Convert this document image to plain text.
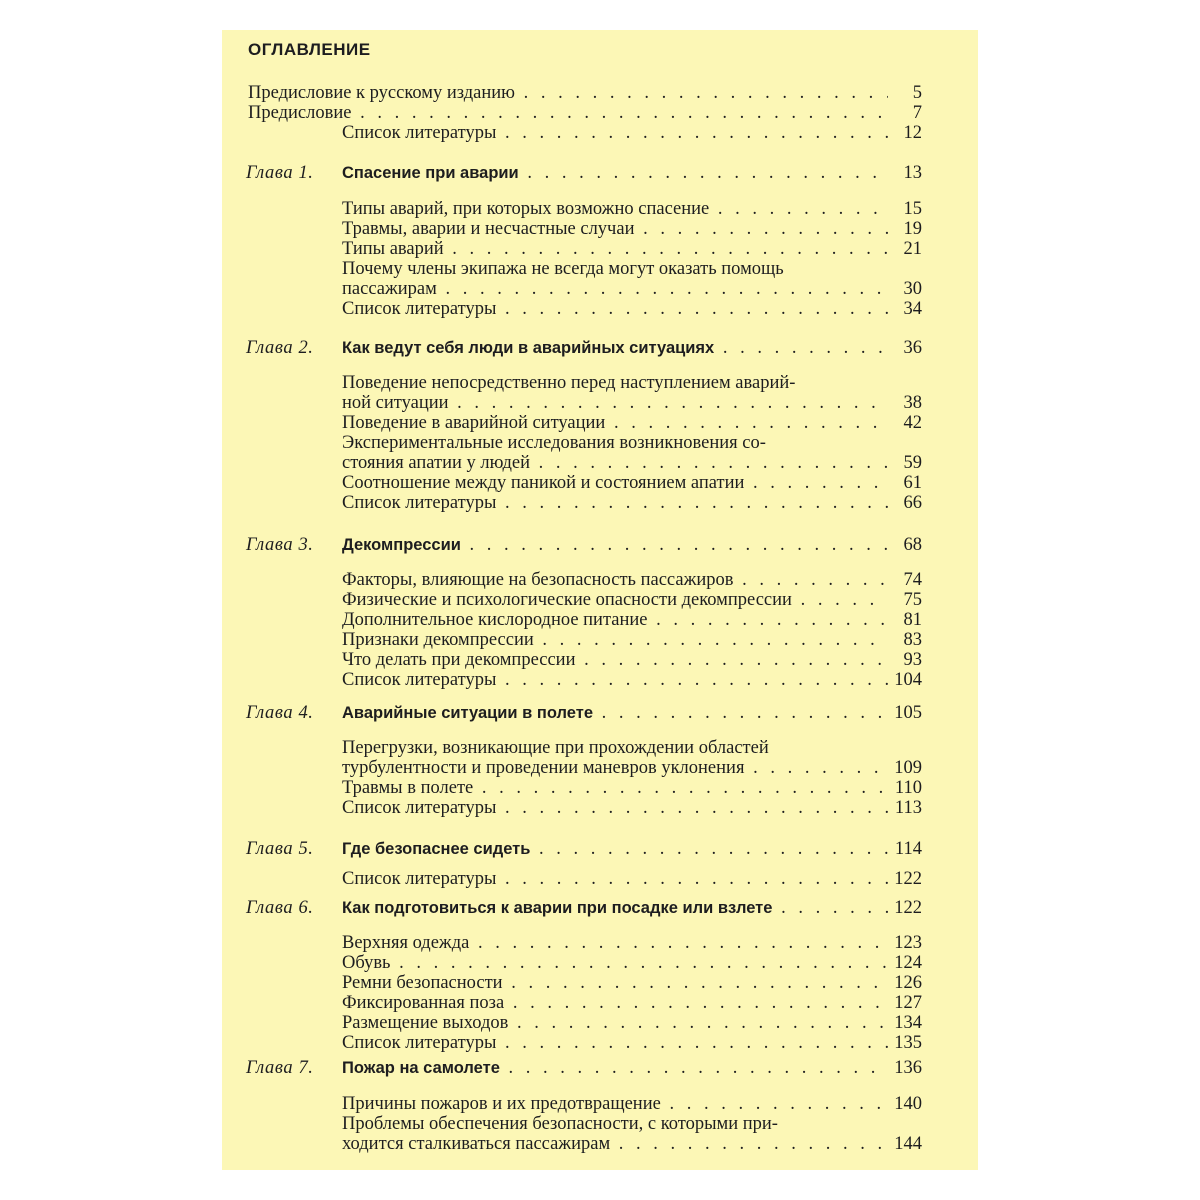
ОГЛАВЛЕНИЕ
Предисловие к русскому изданию . . .	5
Предисловие . . .	7
Список литературы . . .	12
Глава 1.	Спасение при аварии . . .	13
Типы аварий, при которых возможно спасение . . .	15
Травмы, аварии и несчастные случаи . . .	19
Типы аварий . . .	21
Почему члены экипажа не всегда могут оказать помощь
пассажирам . . .	30
Список литературы . . .	34
Глава 2.	Как ведут себя люди в аварийных ситуациях . . .	36
Поведение непосредственно перед наступлением аварий-
ной ситуации . . .	38
Поведение в аварийной ситуации . . .	42
Экспериментальные исследования возникновения со-
стояния апатии у людей . . .	59
Соотношение между паникой и состоянием апатии . . .	61
Список литературы . . .	66
Глава 3.	Декомпрессии . . .	68
Факторы, влияющие на безопасность пассажиров . . .	74
Физические и психологические опасности декомпрессии . . .	75
Дополнительное кислородное питание . . .	81
Признаки декомпрессии . . .	83
Что делать при декомпрессии . . .	93
Список литературы . . .	104
Глава 4.	Аварийные ситуации в полете . . .	105
Перегрузки, возникающие при прохождении областей
турбулентности и проведении маневров уклонения . . .	109
Травмы в полете . . .	110
Список литературы . . .	113
Глава 5.	Где безопаснее сидеть . . .	114
Список литературы . . .	122
Глава 6.	Как подготовиться к аварии при посадке или взлете . . .	122
Верхняя одежда . . .	123
Обувь . . .	124
Ремни безопасности . . .	126
Фиксированная поза . . .	127
Размещение выходов . . .	134
Список литературы . . .	135
Глава 7.	Пожар на самолете . . .	136
Причины пожаров и их предотвращение . . .	140
Проблемы обеспечения безопасности, с которыми при-
ходится сталкиваться пассажирам . . .	144
